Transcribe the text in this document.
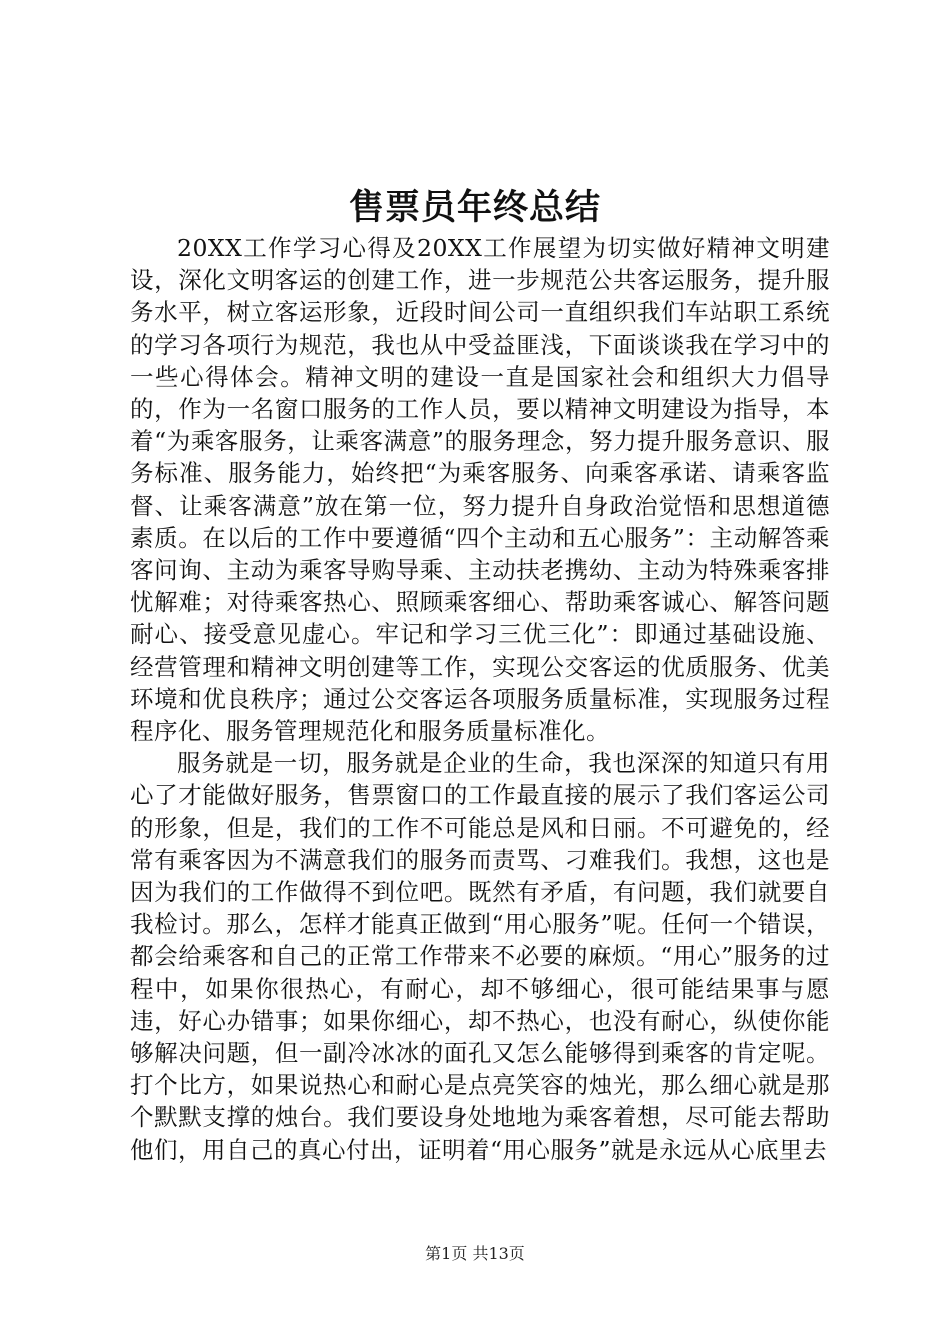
售票员年终总结

20XX工作学习心得及20XX工作展望为切实做好精神文明建设，深化文明客运的创建工作，进一步规范公共客运服务，提升服务水平，树立客运形象，近段时间公司一直组织我们车站职工系统的学习各项行为规范，我也从中受益匪浅，下面谈谈我在学习中的一些心得体会。精神文明的建设一直是国家社会和组织大力倡导的，作为一名窗口服务的工作人员，要以精神文明建设为指导，本着“为乘客服务，让乘客满意”的服务理念，努力提升服务意识、服务标准、服务能力，始终把“为乘客服务、向乘客承诺、请乘客监督、让乘客满意”放在第一位，努力提升自身政治觉悟和思想道德素质。在以后的工作中要遵循“四个主动和五心服务”：主动解答乘客问询、主动为乘客导购导乘、主动扶老携幼、主动为特殊乘客排忧解难；对待乘客热心、照顾乘客细心、帮助乘客诚心、解答问题耐心、接受意见虚心。牢记和学习三优三化”：即通过基础设施、经营管理和精神文明创建等工作，实现公交客运的优质服务、优美环境和优良秩序；通过公交客运各项服务质量标准，实现服务过程程序化、服务管理规范化和服务质量标准化。

服务就是一切，服务就是企业的生命，我也深深的知道只有用心了才能做好服务，售票窗口的工作最直接的展示了我们客运公司的形象，但是，我们的工作不可能总是风和日丽。不可避免的，经常有乘客因为不满意我们的服务而责骂、刁难我们。我想，这也是因为我们的工作做得不到位吧。既然有矛盾，有问题，我们就要自我检讨。那么，怎样才能真正做到“用心服务”呢。任何一个错误，都会给乘客和自己的正常工作带来不必要的麻烦。“用心”服务的过程中，如果你很热心，有耐心，却不够细心，很可能结果事与愿违，好心办错事；如果你细心，却不热心，也没有耐心，纵使你能够解决问题，但一副冷冰冰的面孔又怎么能够得到乘客的肯定呢。打个比方，如果说热心和耐心是点亮笑容的烛光，那么细心就是那个默默支撑的烛台。我们要设身处地地为乘客着想，尽可能去帮助他们，用自己的真心付出，证明着“用心服务”就是永远从心底里去

第1页 共13页
